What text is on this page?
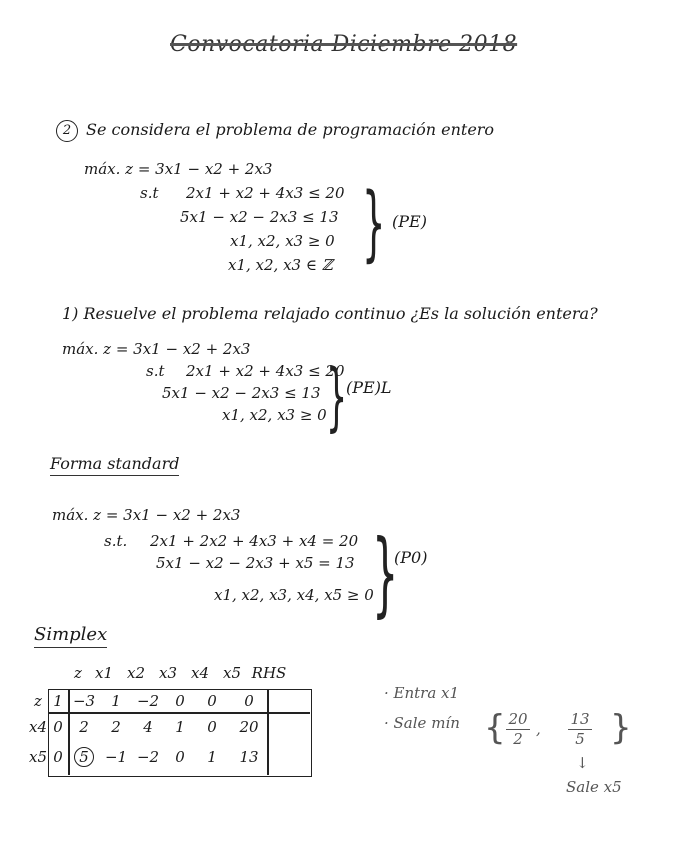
Convocatoria Diciembre 2018
2 Se considera el problema de programación entero
máx. z = 3x1 − x2 + 2x3
s.t 2x1 + x2 + 4x3 ≤ 20
5x1 − x2 − 2x3 ≤ 13
x1, x2, x3 ≥ 0
x1, x2, x3 ∈ ℤ } (PE)
1) Resuelve el problema relajado continuo ¿Es la solución entera?
máx. z = 3x1 − x2 + 2x3
s.t 2x1 + x2 + 4x3 ≤ 20
5x1 − x2 − 2x3 ≤ 13
x1, x2, x3 ≥ 0 }
(PE)L
Forma standard
máx. z = 3x1 − x2 + 2x3
s.t. 2x1 + 2x2 + 4x3 + x4 = 20
5x1 − x2 − 2x3 + x5 = 13
x1, x2, x3, x4, x5 ≥ 0
}
(P0)
Simplex
z x1 x2 x3 x4 x5 RHS
z	1	−3	1	−2	0	0	0
x4	0	2	2	4	1	0	20
x5	0	5	−1	−2	0	1	13
· Entra x1
· Sale mín { 20
2
,
13
5 }
↓
Sale x5
